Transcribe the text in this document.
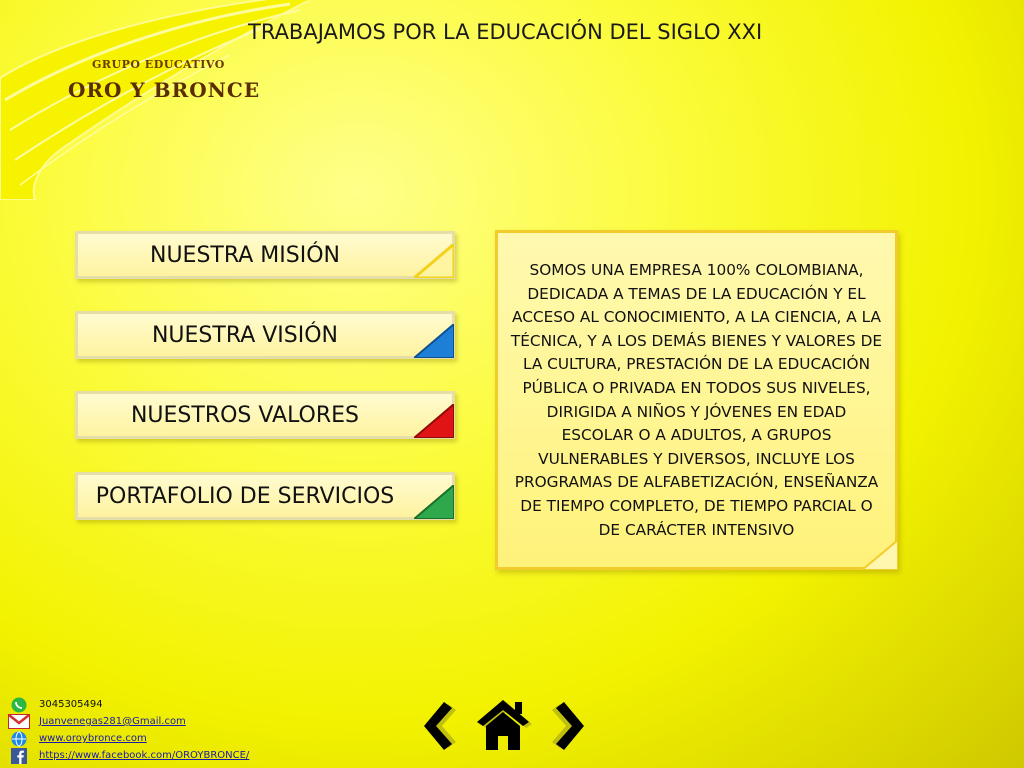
GRUPO EDUCATIVO
ORO Y BRONCE
TRABAJAMOS POR LA EDUCACIÓN DEL SIGLO XXI
NUESTRA MISIÓN
NUESTRA VISIÓN
NUESTROS VALORES
PORTAFOLIO DE SERVICIOS

SOMOS UNA EMPRESA 100% COLOMBIANA, DEDICADA A TEMAS DE LA EDUCACIÓN Y EL ACCESO AL CONOCIMIENTO, A LA CIENCIA, A LA TÉCNICA, Y A LOS DEMÁS BIENES Y VALORES DE LA CULTURA, PRESTACIÓN DE LA EDUCACIÓN PÚBLICA O PRIVADA EN TODOS SUS NIVELES, DIRIGIDA A NIÑOS Y JÓVENES EN EDAD ESCOLAR O A ADULTOS, A GRUPOS VULNERABLES Y DIVERSOS, INCLUYE LOS PROGRAMAS DE ALFABETIZACIÓN, ENSEÑANZA DE TIEMPO COMPLETO, DE TIEMPO PARCIAL O DE CARÁCTER INTENSIVO

3045305494
Juanvenegas281@Gmail.com
www.oroybronce.com
https://www.facebook.com/OROYBRONCE/
